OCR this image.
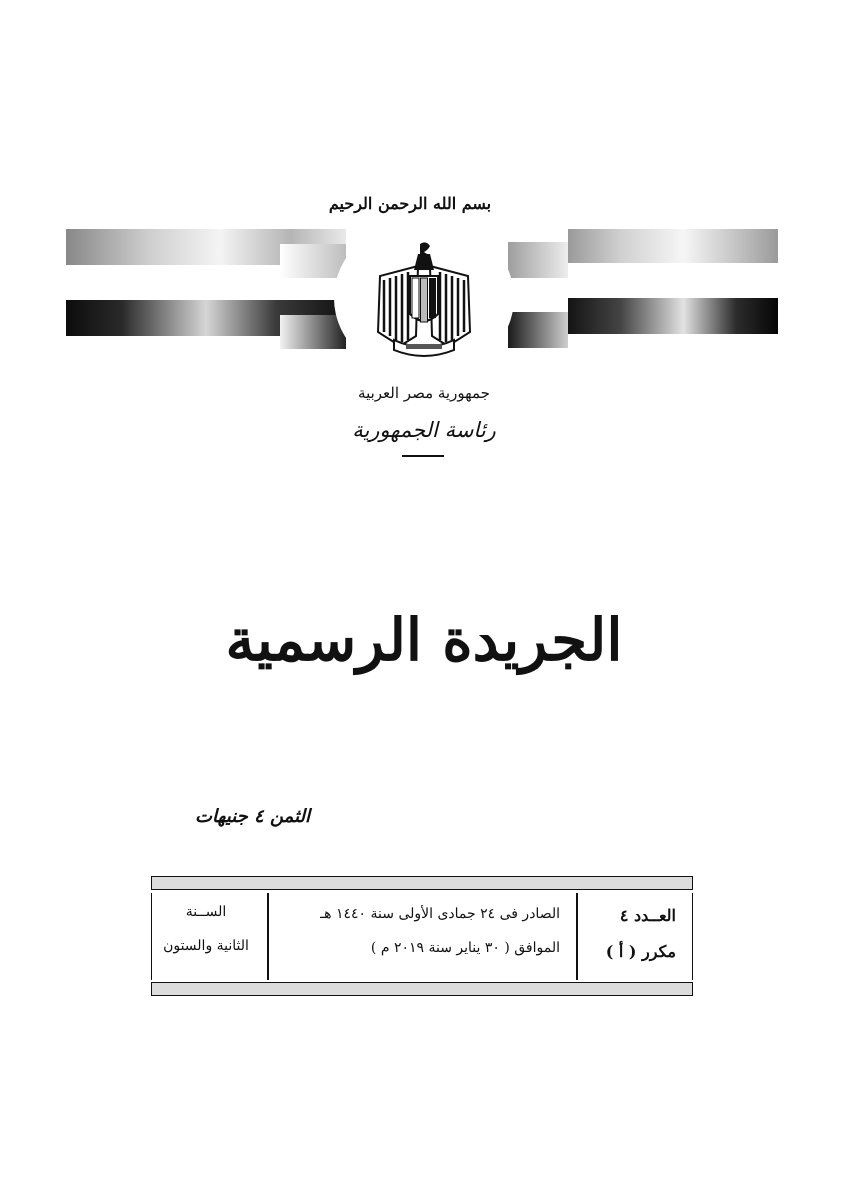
بسم الله الرحمن الرحيم
جمهورية مصر العربية
رئاسة الجمهورية
الجريدة الرسمية
الثمن ٤ جنيهات
العــدد ٤
مكرر ( أ )
الصادر فى ٢٤ جمادى الأولى سنة ١٤٤٠ هـ
الموافق ( ٣٠ يناير سنة ٢٠١٩ م )
الســنة
الثانية والستون
